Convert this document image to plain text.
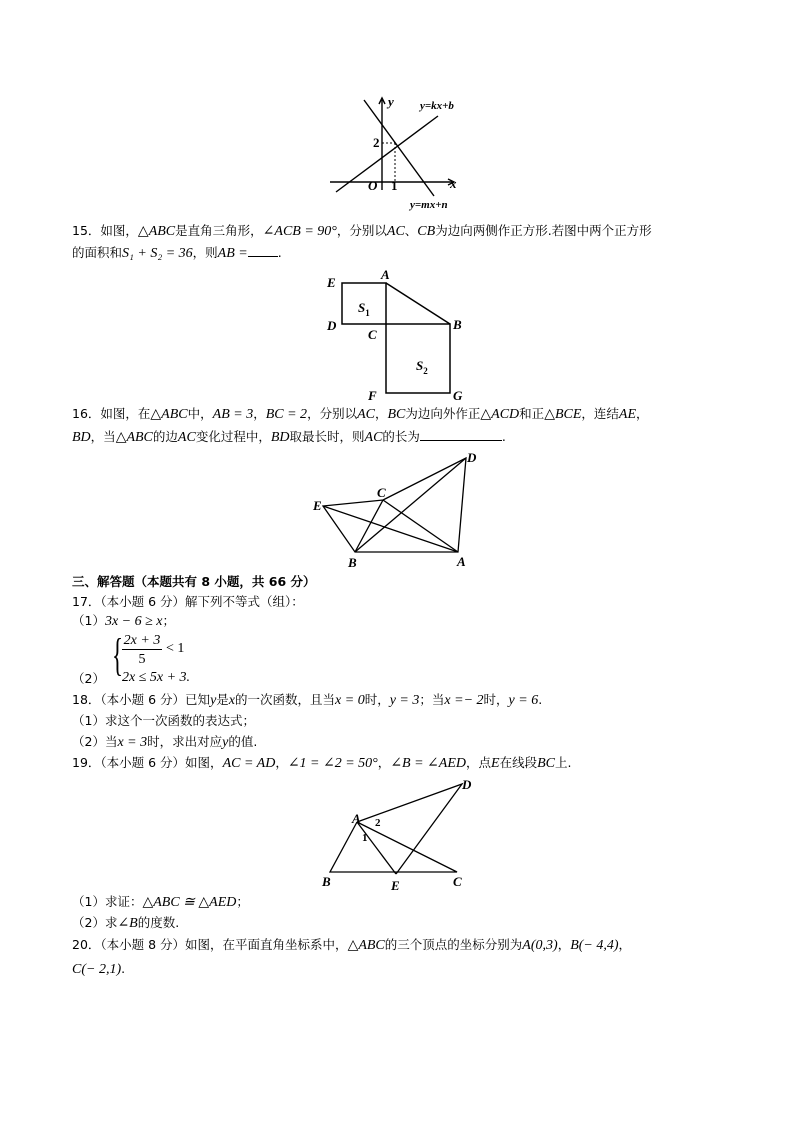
15．如图，△ABC是直角三角形，∠ACB = 90°，分别以AC、CB为边向两侧作正方形.若图中两个正方形
的面积和S₁ + S₂ = 36，则AB = .
16．如图，在△ABC中，AB = 3，BC = 2，分别以AC，BC为边向外作正△ACD和正△BCE，连结AE，
BD，当△ABC的边AC变化过程中，BD取最长时，则AC的长为	.
三、解答题（本题共有 8 小题，共 66 分）
17．（本小题 6 分）解下列不等式（组）：
（1）3x − 6 ≥ x；
（2）
18．（本小题 6 分）已知y是x的一次函数，且当x = 0时，y = 3；当x =− 2时，y = 6.
（1）求这个一次函数的表达式；
（2）当x = 3时，求出对应y的值.
19．（本小题 6 分）如图，AC = AD，∠1 = ∠2 = 50°，∠B = ∠AED，点E在线段BC上.
（1）求证：△ABC ≅ △AED；
（2）求∠B的度数.
20．（本小题 8 分）如图，在平面直角坐标系中，△ABC的三个顶点的坐标分别为A(0,3)，B(− 4,4)，
C(− 2,1).
{ 2x + 3
5
< 1
2x ≤ 5x + 3.
y
x
O 1
2
y=kx+b
y=mx+n
E
A
D
C
B
F	G
$S_1$
$S_2$
D
C
E
B	A
A
D
B	E	C
1
2
